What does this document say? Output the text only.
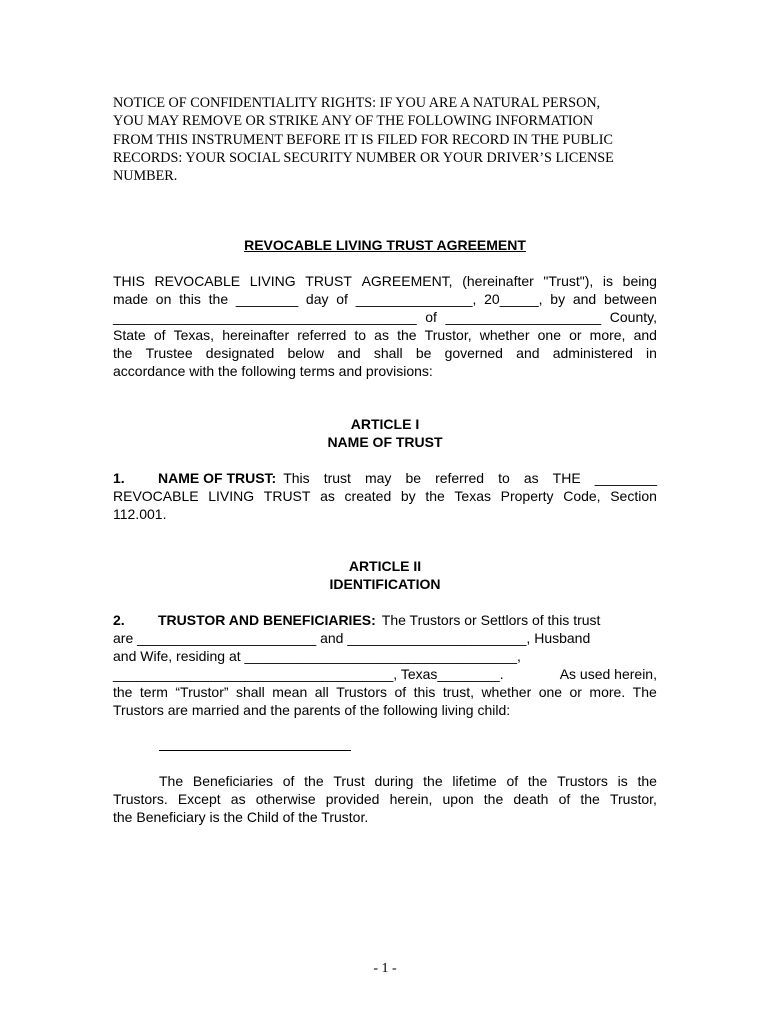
NOTICE OF CONFIDENTIALITY RIGHTS: IF YOU ARE A NATURAL PERSON,
YOU MAY REMOVE OR STRIKE ANY OF THE FOLLOWING INFORMATION
FROM THIS INSTRUMENT BEFORE IT IS FILED FOR RECORD IN THE PUBLIC
RECORDS: YOUR SOCIAL SECURITY NUMBER OR YOUR DRIVER’S LICENSE
NUMBER.
REVOCABLE LIVING TRUST AGREEMENT
THIS REVOCABLE LIVING TRUST AGREEMENT, (hereinafter "Trust"), is being
made on this the ________ day of _______________, 20_____, by and between
_______________________________________ of ____________________ County,
State of Texas, hereinafter referred to as the Trustor, whether one or more, and
the Trustee designated below and shall be governed and administered in
accordance with the following terms and provisions:
ARTICLE I
NAME OF TRUST
1.	NAME OF TRUST: This trust may be referred to as THE ________
REVOCABLE LIVING TRUST as created by the Texas Property Code, Section
112.001.
ARTICLE II
IDENTIFICATION
2.	TRUSTOR AND BENEFICIARIES: The Trustors or Settlors of this trust
are _______________________ and _______________________, Husband
and Wife, residing at ___________________________________,
____________________________________, Texas________.	As used herein,
the term “Trustor” shall mean all Trustors of this trust, whether one or more. The
Trustors are married and the parents of the following living child:
The Beneficiaries of the Trust during the lifetime of the Trustors is the
Trustors. Except as otherwise provided herein, upon the death of the Trustor,
the Beneficiary is the Child of the Trustor.
- 1 -
